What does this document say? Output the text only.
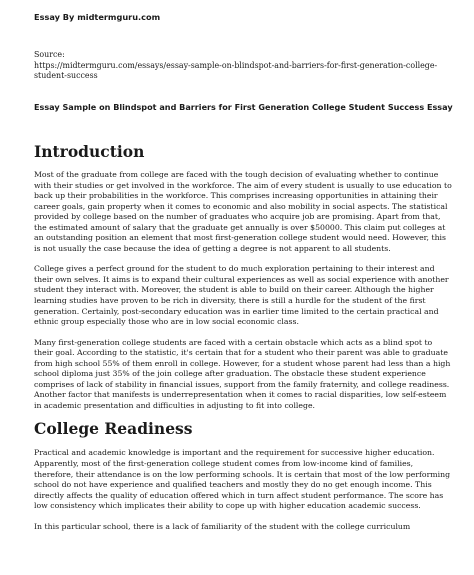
Essay By midtermguru.com
Source:
https://midtermguru.com/essays/essay-sample-on-blindspot-and-barriers-for-first-generation-college-student-success
Essay Sample on Blindspot and Barriers for First Generation College Student Success Essay
Introduction

Most of the graduate from college are faced with the tough decision of evaluating whether to continue with their studies or get involved in the workforce. The aim of every student is usually to use education to back up their probabilities in the workforce. This comprises increasing opportunities in attaining their career goals, gain property when it comes to economic and also mobility in social aspects. The statistical provided by college based on the number of graduates who acquire job are promising. Apart from that, the estimated amount of salary that the graduate get annually is over $50000. This claim put colleges at an outstanding position an element that most first-generation college student would need. However, this is not usually the case because the idea of getting a degree is not apparent to all students.

College gives a perfect ground for the student to do much exploration pertaining to their interest and their own selves. It aims is to expand their cultural experiences as well as social experience with another student they interact with. Moreover, the student is able to build on their career. Although the higher learning studies have proven to be rich in diversity, there is still a hurdle for the student of the first generation. Certainly, post-secondary education was in earlier time limited to the certain practical and ethnic group especially those who are in low social economic class.

Many first-generation college students are faced with a certain obstacle which acts as a blind spot to their goal. According to the statistic, it's certain that for a student who their parent was able to graduate from high school 55% of them enroll in college. However, for a student whose parent had less than a high school diploma just 35% of the join college after graduation. The obstacle these student experience comprises of lack of stability in financial issues, support from the family fraternity, and college readiness. Another factor that manifests is underrepresentation when it comes to racial disparities, low self-esteem in academic presentation and difficulties in adjusting to fit into college.

College Readiness

Practical and academic knowledge is important and the requirement for successive higher education. Apparently, most of the first-generation college student comes from low-income kind of families, therefore, their attendance is on the low performing schools. It is certain that most of the low performing school do not have experience and qualified teachers and mostly they do no get enough income. This directly affects the quality of education offered which in turn affect student performance. The score has low consistency which implicates their ability to cope up with higher education academic success.

In this particular school, there is a lack of familiarity of the student with the college curriculum
